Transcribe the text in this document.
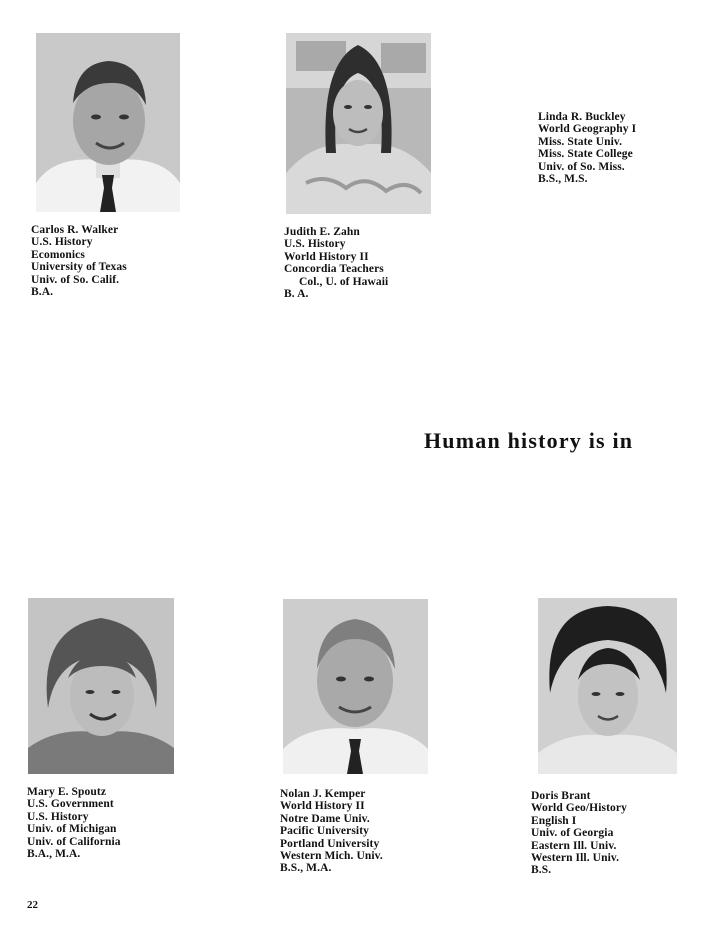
Carlos R. Walker
U.S. History
Ecomonics
University of Texas
Univ. of So. Calif.
B.A.
Judith E. Zahn
U.S. History
World History II
Concordia Teachers
Col., U. of Hawaii
B. A.
Linda R. Buckley
World Geography I
Miss. State Univ.
Miss. State College
Univ. of So. Miss.
B.S., M.S.
Human history is in
Mary E. Spoutz
U.S. Government
U.S. History
Univ. of Michigan
Univ. of California
B.A., M.A.
Nolan J. Kemper
World History II
Notre Dame Univ.
Pacific University
Portland University
Western Mich. Univ.
B.S., M.A.
Doris Brant
World Geo/History
English I
Univ. of Georgia
Eastern Ill. Univ.
Western Ill. Univ.
B.S.
22
